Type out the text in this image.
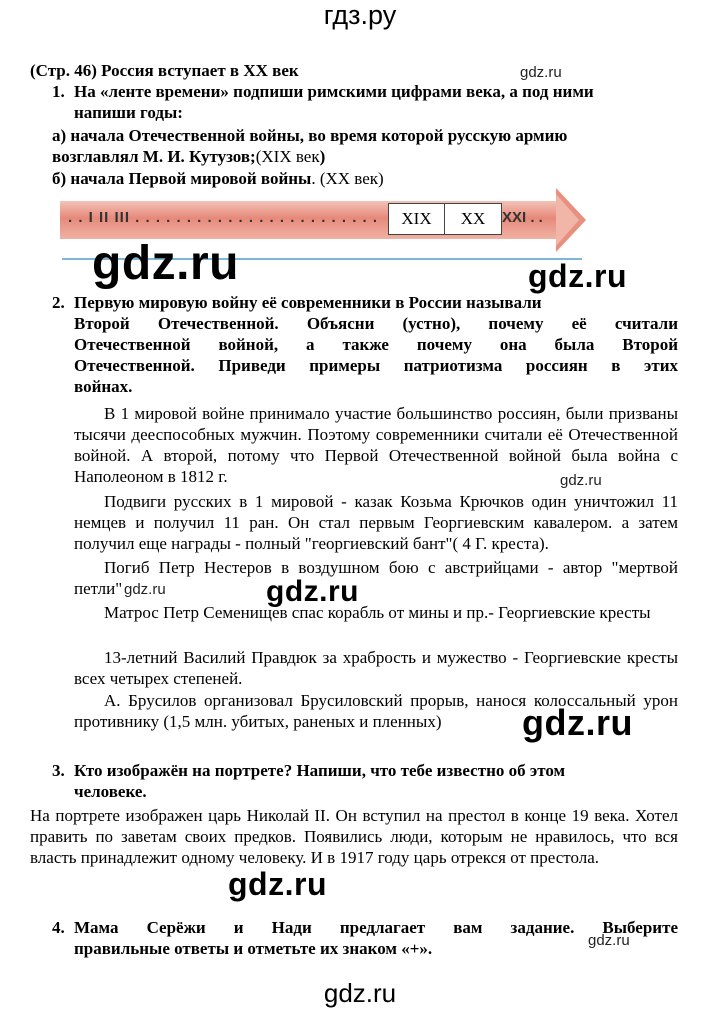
гдз.ру
(Стр. 46) Россия вступает в XX век	gdz.ru
1. На «ленте времени» подпиши римскими цифрами века, а под ними
напиши годы:
а) начала Отечественной войны, во время которой русскую армию
возглавлял М. И. Кутузов;(XIX век)
б) начала Первой мировой войны. (XX век)
. . I II III . . . . . . . . . . . . . . . . . . . . . . . .	XIX	XX	XXI . .
gdz.ru	gdz.ru
2. Первую мировую войну её современники в России называли
Второй Отечественной. Объясни (устно), почему её считали
Отечественной войной, а также почему она была Второй
Отечественной. Приведи примеры патриотизма россиян в этих
войнах.
В 1 мировой войне принимало участие большинство россиян, были призваны тысячи дееспособных мужчин. Поэтому современники считали её Отечественной войной. А второй, потому что Первой Отечественной войной была война с Наполеоном в 1812 г.	gdz.ru
Подвиги русских в 1 мировой - казак Козьма Крючков один уничтожил 11 немцев и получил 11 ран. Он стал первым Георгиевским кавалером. а затем получил еще награды - полный "георгиевский бант"( 4 Г. креста).
Погиб Петр Нестеров в воздушном бою с австрийцами - автор "мертвой
петли" gdz.ru	gdz.ru
Матрос Петр Семенищев спас корабль от мины и пр.- Георгиевские кресты
13-летний Василий Правдюк за храбрость и мужество - Георгиевские кресты всех четырех степеней.
А. Брусилов организовал Брусиловский прорыв, нанося колоссальный урон противнику (1,5 млн. убитых, раненых и пленных)	gdz.ru
3. Кто изображён на портрете? Напиши, что тебе известно об этом
человеке.
На портрете изображен царь Николай II. Он вступил на престол в конце 19 века. Хотел править по заветам своих предков. Появились люди, которым не нравилось, что вся власть принадлежит одному человеку. И в 1917 году царь отрекся от престола.
gdz.ru
4. Мама Серёжи и Нади предлагает вам задание. Выберите
правильные ответы и отметьте их знаком «+».	gdz.ru
gdz.ru
